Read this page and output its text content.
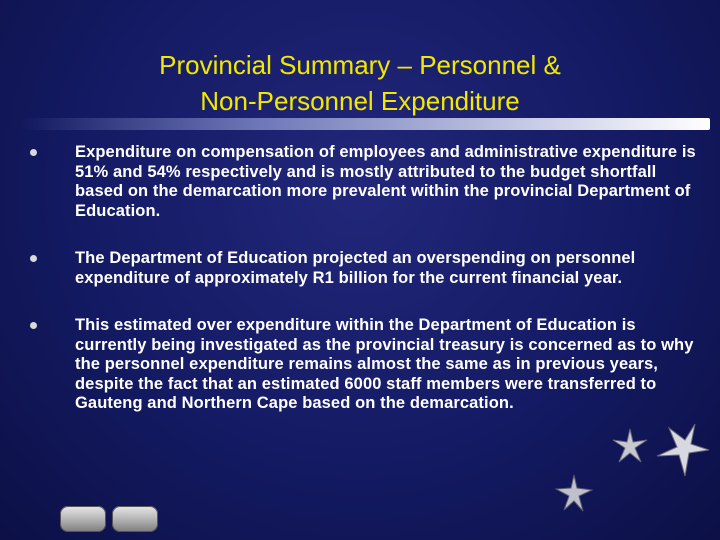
Provincial Summary – Personnel &
Non-Personnel Expenditure
Expenditure on compensation of employees and administrative expenditure is 51% and 54% respectively and is mostly attributed to the budget shortfall based on the demarcation more prevalent within the provincial Department of Education.
The Department of Education projected an overspending on personnel expenditure of approximately R1 billion for the current financial year.
This estimated over expenditure within the Department of Education is currently being investigated as the provincial treasury is concerned as to why the personnel expenditure remains almost the same as in previous years, despite the fact that an estimated 6000 staff members were transferred to Gauteng and Northern Cape based on the demarcation.
